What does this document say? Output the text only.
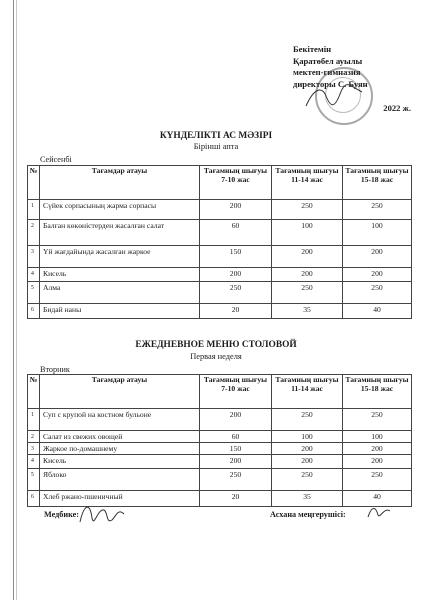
Бекітемін
Қаратөбел ауылы
мектеп-гимназия
директоры С. Буян
2022 ж.
КҮНДЕЛІКТІ АС МӘЗІРІ
Бірінші апта
Сейсенбі
№	Тағамдар атауы	Тағамның шығуы 7-10 жас	Тағамның шығуы 11-14 жас	Тағамның шығуы 15-18 жас
1	Сүйек сорпасының жарма сорпасы	200	250	250
2	Балған көкөністерден жасалған салат	60	100	100
3	Үй жағдайында жасалған жаркое	150	200	200
4	Кисель	200	200	200
5	Алма	250	250	250
6	Бидай наны	20	35	40
ЕЖЕДНЕВНОЕ МЕНЮ СТОЛОВОЙ
Первая неделя
Вторник
№	Тағамдар атауы	Тағамның шығуы 7-10 жас	Тағамның шығуы 11-14 жас	Тағамның шығуы 15-18 жас
1	Суп с крупой на костном бульоне	200	250	250
2	Салат из свежих овощей	60	100	100
3	Жаркое по-домашнему	150	200	200
4	Кисель	200	200	200
5	Яблоко	250	250	250
6	Хлеб ржано-пшеничный	20	35	40
Медбике:	Асхана меңгерушісі:
